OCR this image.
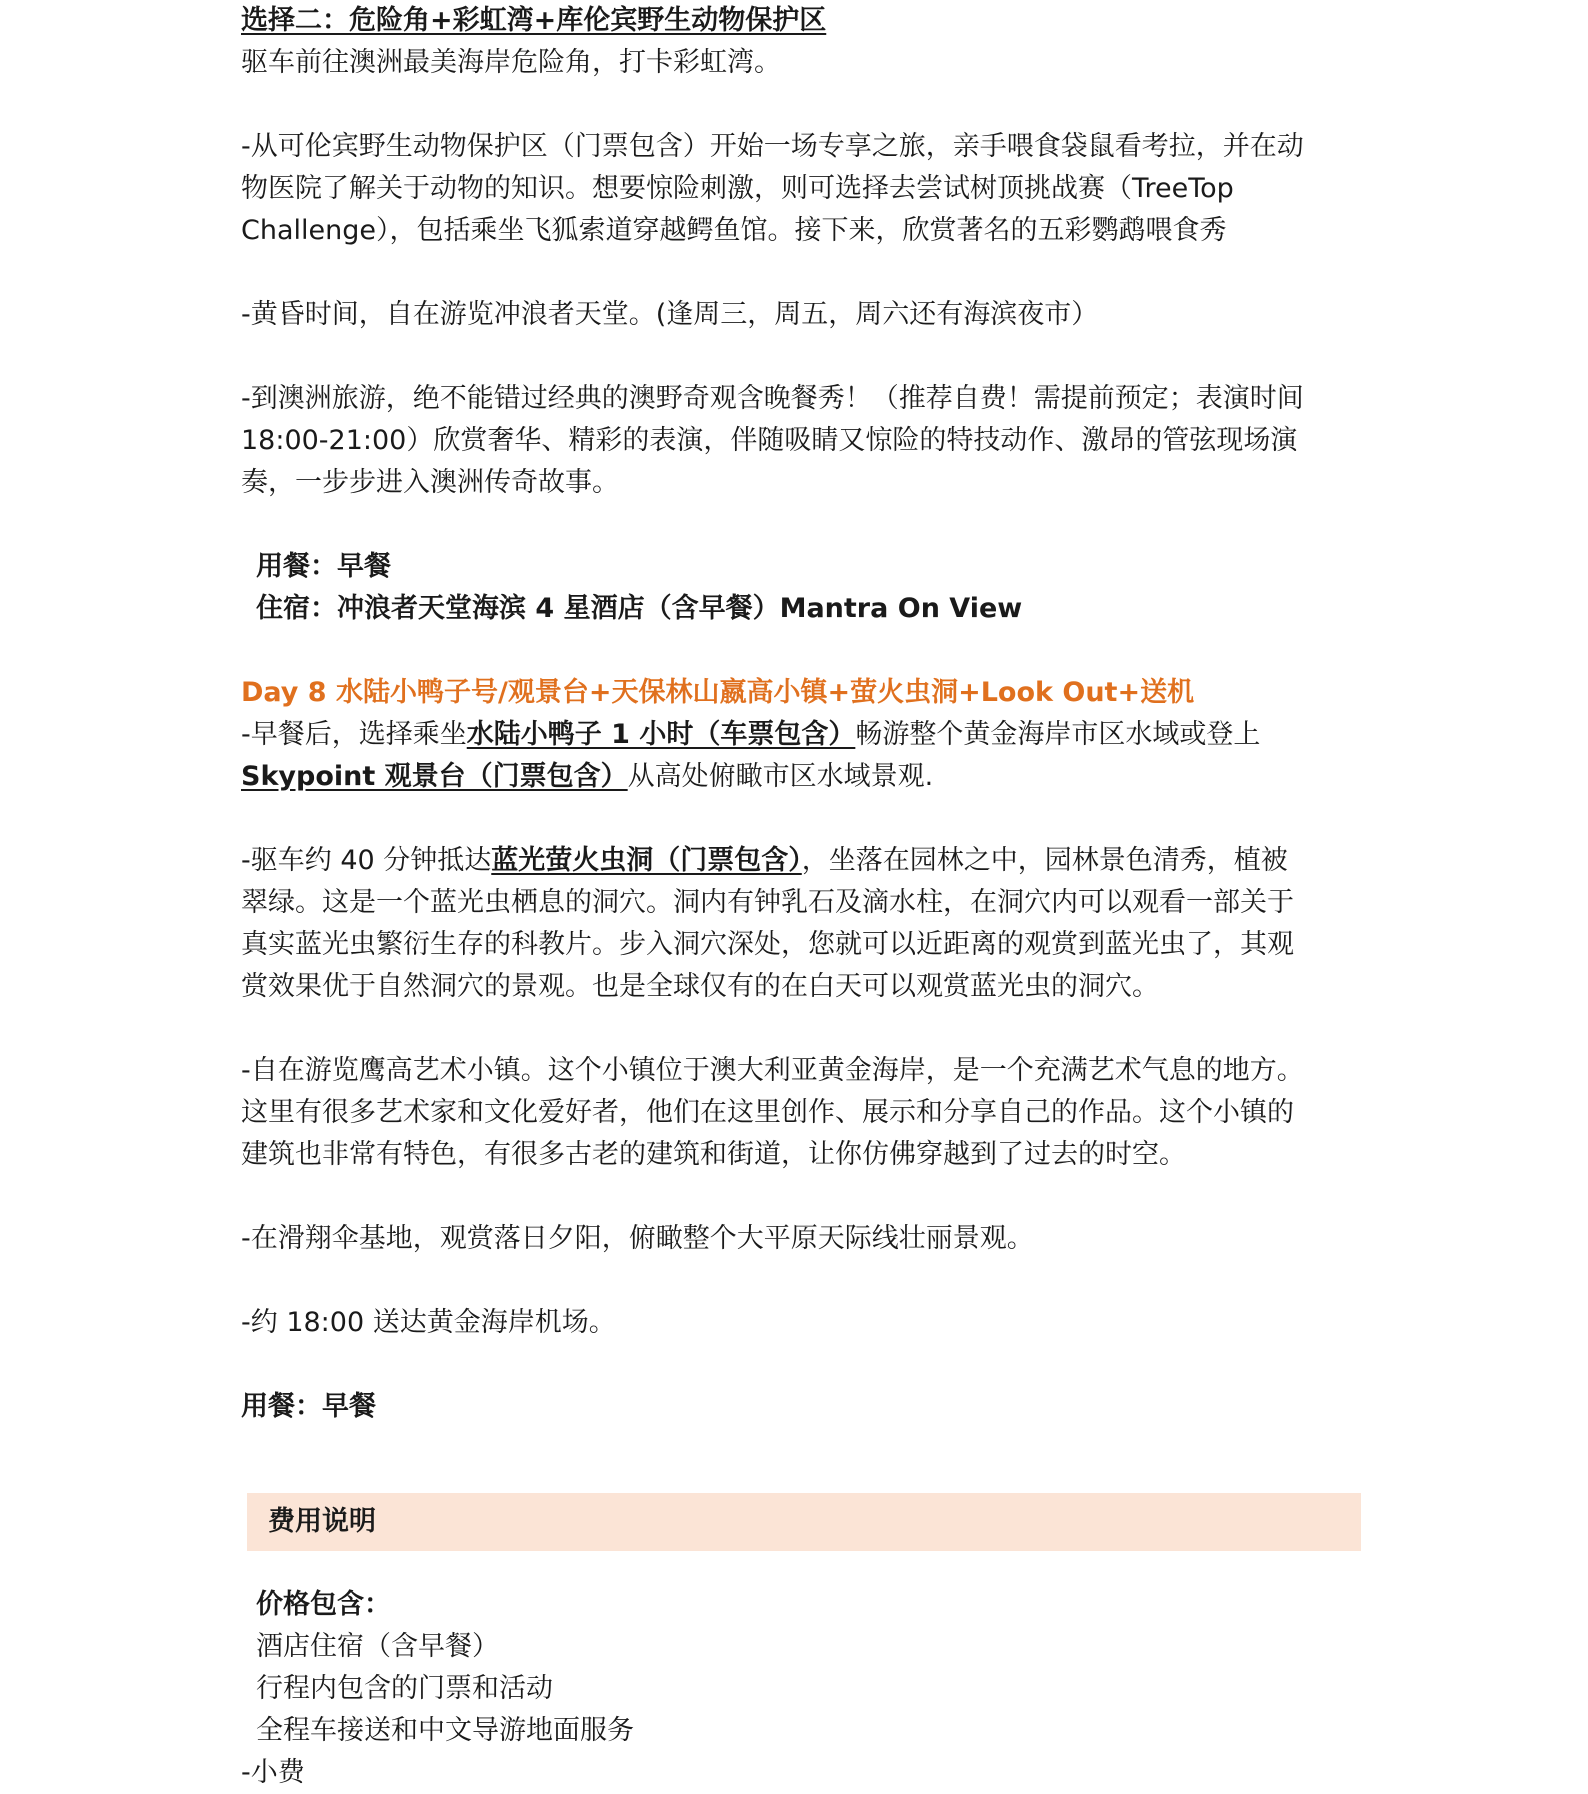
选择二：危险角+彩虹湾+库伦宾野生动物保护区
驱车前往澳洲最美海岸危险角，打卡彩虹湾。
-从可伦宾野生动物保护区（门票包含）开始一场专享之旅，亲手喂食袋鼠看考拉，并在动
物医院了解关于动物的知识。想要惊险刺激，则可选择去尝试树顶挑战赛（TreeTop
Challenge），包括乘坐飞狐索道穿越鳄鱼馆。接下来，欣赏著名的五彩鹦鹉喂食秀
-黄昏时间，自在游览冲浪者天堂。(逢周三，周五，周六还有海滨夜市）
-到澳洲旅游，绝不能错过经典的澳野奇观含晚餐秀！（推荐自费！需提前预定；表演时间
18:00-21:00）欣赏奢华、精彩的表演，伴随吸睛又惊险的特技动作、激昂的管弦现场演
奏，一步步进入澳洲传奇故事。
用餐：早餐
住宿：冲浪者天堂海滨 4 星酒店（含早餐）Mantra On View
Day 8 水陆小鸭子号/观景台+天保林山嬴高小镇+萤火虫洞+Look Out+送机
-早餐后，选择乘坐水陆小鸭子 1 小时（车票包含）畅游整个黄金海岸市区水域或登上
Skypoint 观景台（门票包含）从高处俯瞰市区水域景观.
-驱车约 40 分钟抵达蓝光萤火虫洞（门票包含），坐落在园林之中，园林景色清秀，植被
翠绿。这是一个蓝光虫栖息的洞穴。洞内有钟乳石及滴水柱，在洞穴内可以观看一部关于
真实蓝光虫繁衍生存的科教片。步入洞穴深处，您就可以近距离的观赏到蓝光虫了，其观
赏效果优于自然洞穴的景观。也是全球仅有的在白天可以观赏蓝光虫的洞穴。
-自在游览鹰高艺术小镇。这个小镇位于澳大利亚黄金海岸，是一个充满艺术气息的地方。
这里有很多艺术家和文化爱好者，他们在这里创作、展示和分享自己的作品。这个小镇的
建筑也非常有特色，有很多古老的建筑和街道，让你仿佛穿越到了过去的时空。
-在滑翔伞基地，观赏落日夕阳，俯瞰整个大平原天际线壮丽景观。
-约 18:00 送达黄金海岸机场。
用餐：早餐
费用说明
价格包含：
酒店住宿（含早餐）
行程内包含的门票和活动
全程车接送和中文导游地面服务
-小费
